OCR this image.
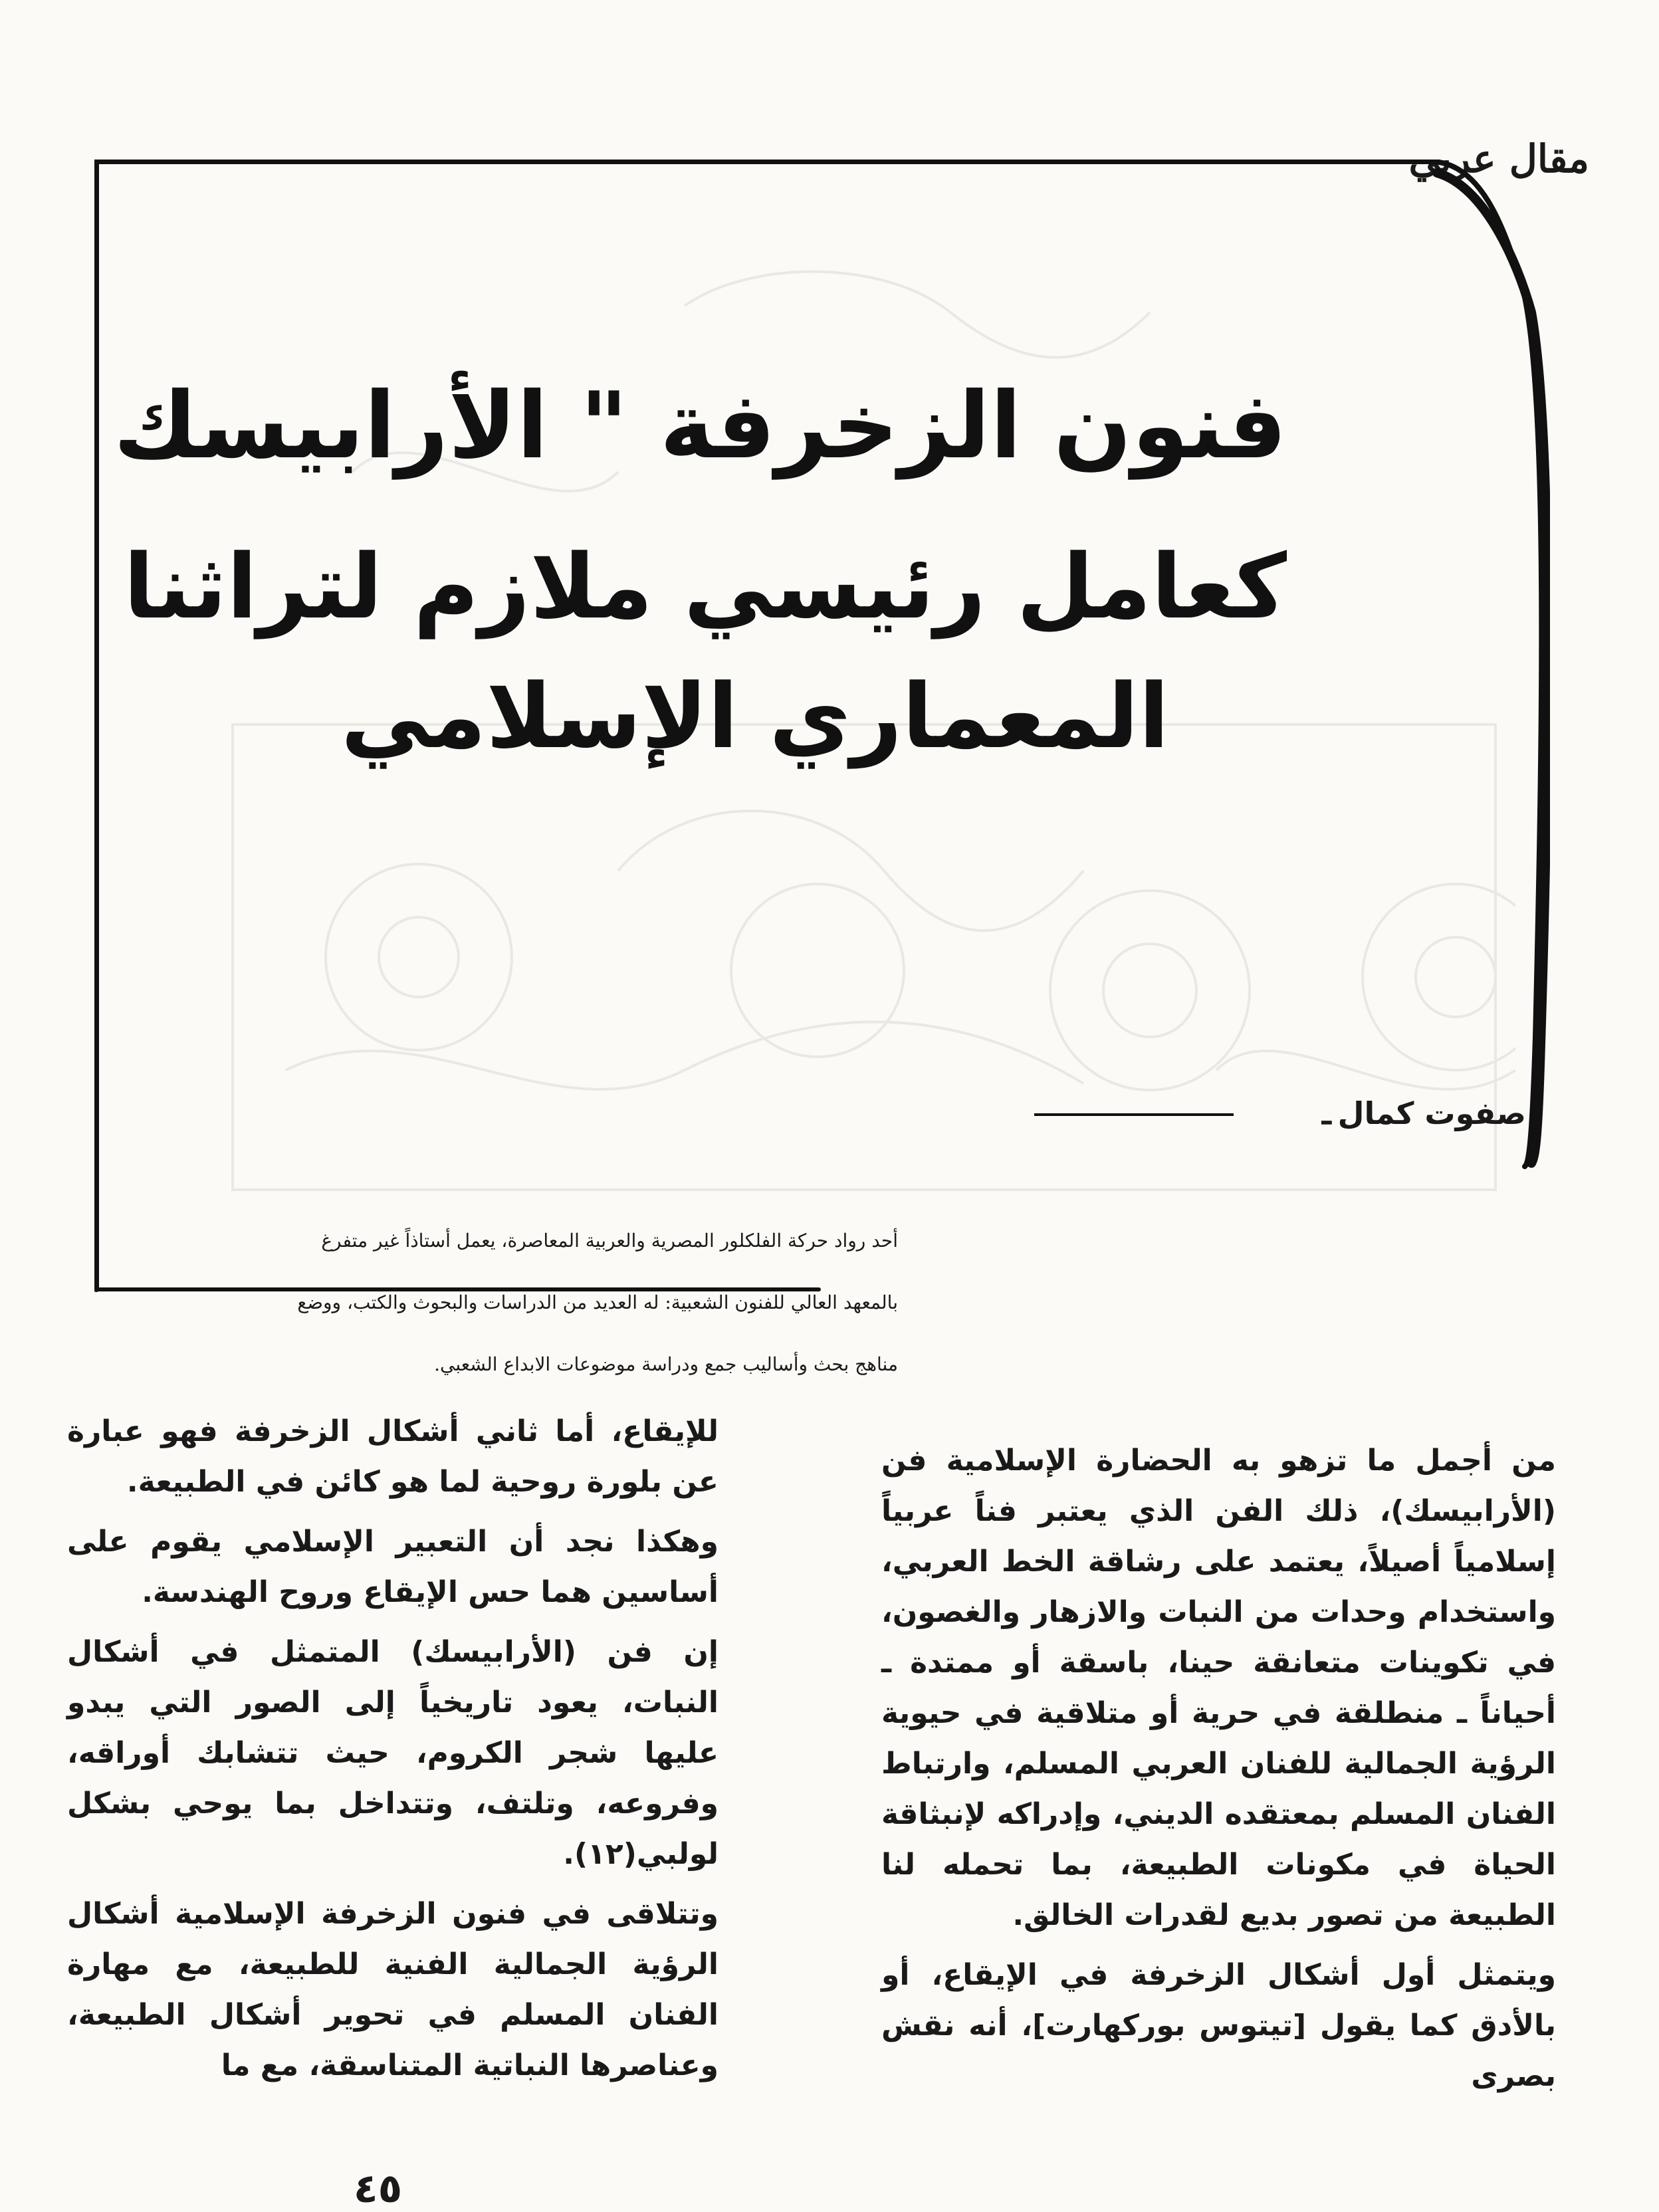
مقال عربي
فنون الزخرفة " الأرابيسك
كعامل رئيسي ملازم لتراثنا
المعماري الإسلامي
صفوت كمال
ـ
أحد رواد حركة الفلكلور المصرية والعربية المعاصرة، يعمل أستاذاً غير متفرغ
بالمعهد العالي للفنون الشعبية: له العديد من الدراسات والبحوث والكتب، ووضع
مناهج بحث وأساليب جمع ودراسة موضوعات الابداع الشعبي.

من أجمل ما تزهو به الحضارة الإسلامية فن (الأرابيسك)، ذلك الفن الذي يعتبر فناً عربياً إسلامياً أصيلاً، يعتمد على رشاقة الخط العربي، واستخدام وحدات من النبات والازهار والغصون، في تكوينات متعانقة حينا، باسقة أو ممتدة ـ أحياناً ـ منطلقة في حرية أو متلاقية في حيوية الرؤية الجمالية للفنان العربي المسلم، وارتباط الفنان المسلم بمعتقده الديني، وإدراكه لإنبثاقة الحياة في مكونات الطبيعة، بما تحمله لنا الطبيعة من تصور بديع لقدرات الخالق.

ويتمثل أول أشكال الزخرفة في الإيقاع، أو بالأدق كما يقول [تيتوس بوركهارت]، أنه نقش بصرى

للإيقاع، أما ثاني أشكال الزخرفة فهو عبارة عن بلورة روحية لما هو كائن في الطبيعة.

وهكذا نجد أن التعبير الإسلامي يقوم على أساسين هما حس الإيقاع وروح الهندسة.

إن فن (الأرابيسك) المتمثل في أشكال النبات، يعود تاريخياً إلى الصور التي يبدو عليها شجر الكروم، حيث تتشابك أوراقه، وفروعه، وتلتف، وتتداخل بما يوحي بشكل لولبي(١٢).

وتتلاقى في فنون الزخرفة الإسلامية أشكال الرؤية الجمالية الفنية للطبيعة، مع مهارة الفنان المسلم في تحوير أشكال الطبيعة، وعناصرها النباتية المتناسقة، مع ما

٤٥
